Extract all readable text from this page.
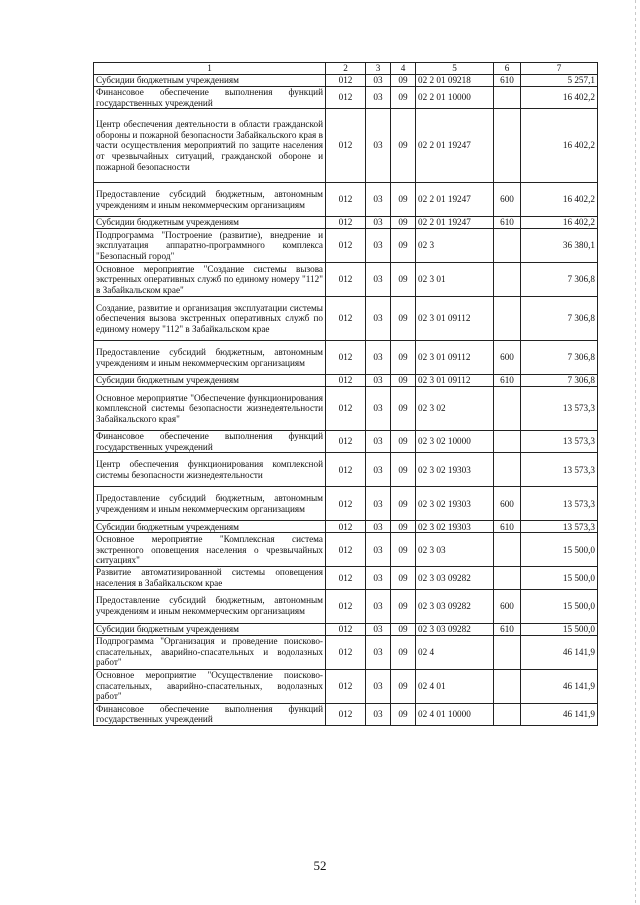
1	2	3	4	5	6	7
Субсидии бюджетным учреждениям	012	03	09	02 2 01 09218	610	5 257,1
Финансовое обеспечение выполнения функций государственных учреждений	012	03	09	02 2 01 10000		16 402,2
Центр обеспечения деятельности в области гражданской обороны и пожарной безопасности Забайкальского края в части осуществления мероприятий по защите населения от чрезвычайных ситуаций, гражданской обороне и пожарной безопасности	012	03	09	02 2 01 19247		16 402,2
Предоставление субсидий бюджетным, автономным учреждениям и иным некоммерческим организациям	012	03	09	02 2 01 19247	600	16 402,2
Субсидии бюджетным учреждениям	012	03	09	02 2 01 19247	610	16 402,2
Подпрограмма "Построение (развитие), внедрение и эксплуатация аппаратно-программного комплекса "Безопасный город"	012	03	09	02 3		36 380,1
Основное мероприятие "Создание системы вызова экстренных оперативных служб по единому номеру "112" в Забайкальском крае"	012	03	09	02 3 01		7 306,8
Создание, развитие и организация эксплуатации системы обеспечения вызова экстренных оперативных служб по единому номеру "112" в Забайкальском крае	012	03	09	02 3 01 09112		7 306,8
Предоставление субсидий бюджетным, автономным учреждениям и иным некоммерческим организациям	012	03	09	02 3 01 09112	600	7 306,8
Субсидии бюджетным учреждениям	012	03	09	02 3 01 09112	610	7 306,8
Основное мероприятие "Обеспечение функционирования комплексной системы безопасности жизнедеятельности Забайкальского края"	012	03	09	02 3 02		13 573,3
Финансовое обеспечение выполнения функций государственных учреждений	012	03	09	02 3 02 10000		13 573,3
Центр обеспечения функционирования комплексной системы безопасности жизнедеятельности	012	03	09	02 3 02 19303		13 573,3
Предоставление субсидий бюджетным, автономным учреждениям и иным некоммерческим организациям	012	03	09	02 3 02 19303	600	13 573,3
Субсидии бюджетным учреждениям	012	03	09	02 3 02 19303	610	13 573,3
Основное мероприятие "Комплексная система экстренного оповещения населения о чрезвычайных ситуациях"	012	03	09	02 3 03		15 500,0
Развитие автоматизированной системы оповещения населения в Забайкальском крае	012	03	09	02 3 03 09282		15 500,0
Предоставление субсидий бюджетным, автономным учреждениям и иным некоммерческим организациям	012	03	09	02 3 03 09282	600	15 500,0
Субсидии бюджетным учреждениям	012	03	09	02 3 03 09282	610	15 500,0
Подпрограмма "Организация и проведение поисково-спасательных, аварийно-спасательных и водолазных работ"	012	03	09	02 4		46 141,9
Основное мероприятие "Осуществление поисково-спасательных, аварийно-спасательных, водолазных работ"	012	03	09	02 4 01		46 141,9
Финансовое обеспечение выполнения функций государственных учреждений	012	03	09	02 4 01 10000		46 141,9
52
